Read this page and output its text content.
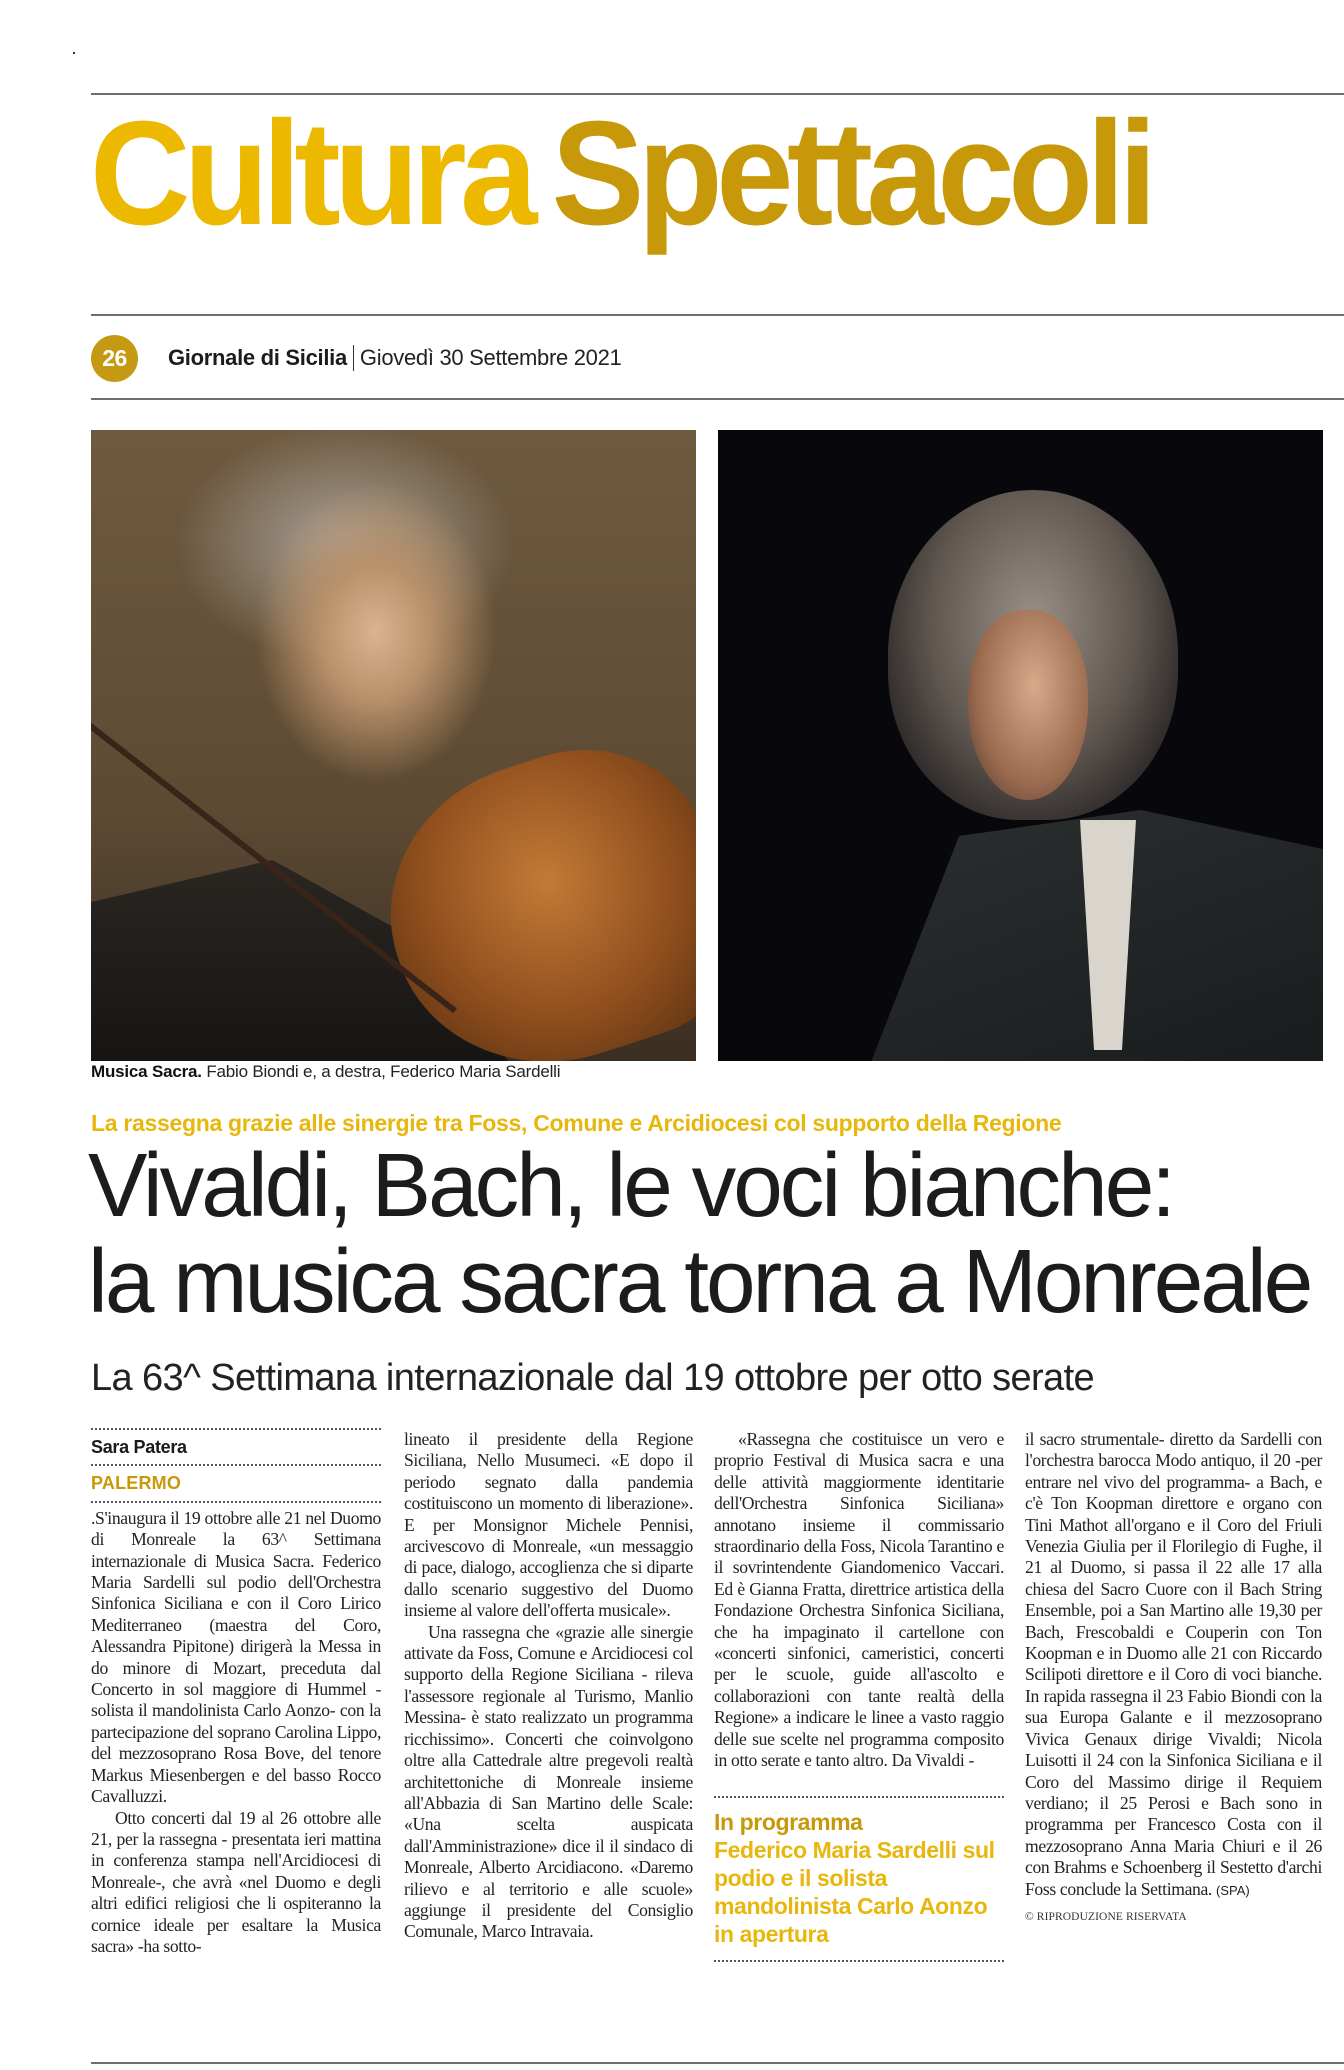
Cultura Spettacoli
26	Giornale di Sicilia Giovedì 30 Settembre 2021
Musica Sacra. Fabio Biondi e, a destra, Federico Maria Sardelli
La rassegna grazie alle sinergie tra Foss, Comune e Arcidiocesi col supporto della Regione
Vivaldi, Bach, le voci bianche:
la musica sacra torna a Monreale
La 63^ Settimana internazionale dal 19 ottobre per otto serate
Sara Patera
PALERMO

.S'inaugura il 19 ottobre alle 21 nel Duomo di Monreale la 63^ Settimana internazionale di Musica Sacra. Federico Maria Sardelli sul podio dell'Orchestra Sinfonica Siciliana e con il Coro Lirico Mediterraneo (maestra del Coro, Alessandra Pipitone) dirigerà la Messa in do minore di Mozart, preceduta dal Concerto in sol maggiore di Hummel - solista il mandolinista Carlo Aonzo- con la partecipazione del soprano Carolina Lippo, del mezzosoprano Rosa Bove, del tenore Markus Miesenbergen e del basso Rocco Cavalluzzi.

Otto concerti dal 19 al 26 ottobre alle 21, per la rassegna - presentata ieri mattina in conferenza stampa nell'Arcidiocesi di Monreale-, che avrà «nel Duomo e degli altri edifici religiosi che li ospiteranno la cornice ideale per esaltare la Musica sacra» -ha sotto-

lineato il presidente della Regione Siciliana, Nello Musumeci. «E dopo il periodo segnato dalla pandemia costituiscono un momento di liberazione». E per Monsignor Michele Pennisi, arcivescovo di Monreale, «un messaggio di pace, dialogo, accoglienza che si diparte dallo scenario suggestivo del Duomo insieme al valore dell'offerta musicale».

Una rassegna che «grazie alle sinergie attivate da Foss, Comune e Arcidiocesi col supporto della Regione Siciliana - rileva l'assessore regionale al Turismo, Manlio Messina- è stato realizzato un programma ricchissimo». Concerti che coinvolgono oltre alla Cattedrale altre pregevoli realtà architettoniche di Monreale insieme all'Abbazia di San Martino delle Scale: «Una scelta auspicata dall'Amministrazione» dice il il sindaco di Monreale, Alberto Arcidiacono. «Daremo rilievo e al territorio e alle scuole» aggiunge il presidente del Consiglio Comunale, Marco Intravaia.

«Rassegna che costituisce un vero e proprio Festival di Musica sacra e una delle attività maggiormente identitarie dell'Orchestra Sinfonica Siciliana» annotano insieme il commissario straordinario della Foss, Nicola Tarantino e il sovrintendente Giandomenico Vaccari. Ed è Gianna Fratta, direttrice artistica della Fondazione Orchestra Sinfonica Siciliana, che ha impaginato il cartellone con «concerti sinfonici, cameristici, concerti per le scuole, guide all'ascolto e collaborazioni con tante realtà della Regione» a indicare le linee a vasto raggio delle sue scelte nel programma composito in otto serate e tanto altro. Da Vivaldi -

In programma
Federico Maria Sardelli sul podio e il solista mandolinista Carlo Aonzo in apertura

il sacro strumentale- diretto da Sardelli con l'orchestra barocca Modo antiquo, il 20 -per entrare nel vivo del programma- a Bach, e c'è Ton Koopman direttore e organo con Tini Mathot all'organo e il Coro del Friuli Venezia Giulia per il Florilegio di Fughe, il 21 al Duomo, si passa il 22 alle 17 alla chiesa del Sacro Cuore con il Bach String Ensemble, poi a San Martino alle 19,30 per Bach, Frescobaldi e Couperin con Ton Koopman e in Duomo alle 21 con Riccardo Scilipoti direttore e il Coro di voci bianche. In rapida rassegna il 23 Fabio Biondi con la sua Europa Galante e il mezzosoprano Vivica Genaux dirige Vivaldi; Nicola Luisotti il 24 con la Sinfonica Siciliana e il Coro del Massimo dirige il Requiem verdiano; il 25 Perosi e Bach sono in programma per Francesco Costa con il mezzosoprano Anna Maria Chiuri e il 26 con Brahms e Schoenberg il Sestetto d'archi Foss conclude la Settimana. (SPA)

© RIPRODUZIONE RISERVATA
